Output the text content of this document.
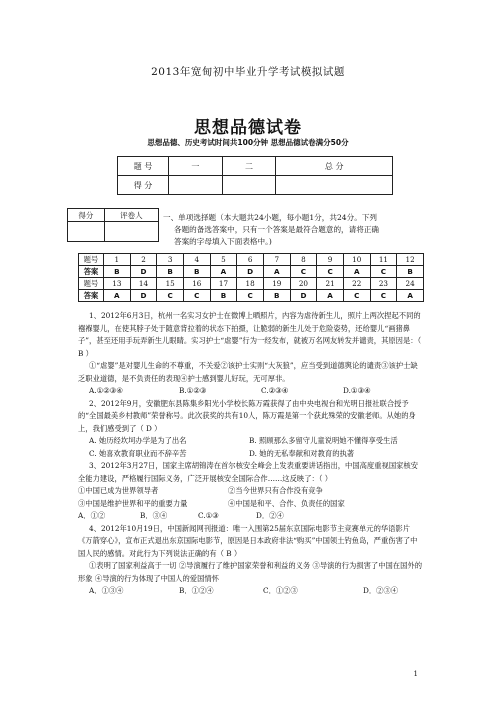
2013年宽甸初中毕业升学考试模拟试题
思想品德试卷
思想品德、历史考试时间共100分钟 思想品德试卷满分50分
题 号	一	二	总 分
得 分			
得分	评卷人
		一、单项选择题（本大题共24小题，每小题1分，共24分。下列
各题的备选答案中，只有一个答案是最符合题意的，请将正确
答案的字母填入下面表格中。)
题号	1	2	3	4	5	6	7	8	9	10	11	12
答案	B	D	B	B	A	D	A	C	C	A	C	B
题号	13	14	15	16	17	18	19	20	21	22	23	24
答案	A	D	C	C	B	C	B	D	A	C	C	A

1、2012年6月3日，杭州一名实习女护士在微博上晒照片，内容为虐待新生儿，照片上两次捏起不同的襁褓婴儿，在使其脖子处于随意背拉着的状态下拍摄，让脆弱的新生儿处于危险姿势，还给婴儿“画猪鼻子”，甚至还用手玩弄新生儿眼睛。实习护士“虐婴”行为一经发布，就被万名网友转发并谴责，其原因是：（ B ）

①“虐婴”是对婴儿生命的不尊重，不关爱②该护士实则“大灰狼”，应当受到道德舆论的谴责③该护士缺乏职业道德，是不负责任的表现④护士感到婴儿好玩，无可厚非。

A.①②③④	B.①②③	C.②③④	D.①③④

2、2012年9月，安徽肥东县陈集乡阳光小学校长陈万霞获得了由中央电视台和光明日报社联合授予的“全国最美乡村教师”荣誉称号。此次获奖的共有10人，陈万霞是第一个获此殊荣的安徽老师。从她的身上，我们感受到了（ D ）

A. 她历经坎坷办学是为了出名	B. 照顾那么多留守儿童说明她不懂得享受生活
C. 她喜欢教育职业而不辞辛苦	D. 她的无私奉献和对教育的执著

3、2012年3月27日，国家主席胡锦涛在首尔核安全峰会上发表重要讲话指出，中国高度重视国家核安全能力建设，严格履行国际义务，广泛开展核安全国际合作……这反映了：（ ）

①中国已成为世界领导者	②当今世界只有合作没有竞争
③中国是维护世界和平的重要力量	④中国是和平、合作、负责任的国家
A．①②	B．③④	C.①③	D．②④

4、2012年10月19日，中国新闻网刊报道：唯一入围第25届东京国际电影节主竞赛单元的华语影片《万箭穿心》，宣布正式退出东京国际电影节，原因是日本政府非法“购买”中国领土钓鱼岛，严重伤害了中国人民的感情。对此行为下列说法正确的有（ B ）

①表明了国家利益高于一切 ②导演履行了维护国家荣誉和利益的义务 ③导演的行为损害了中国在国外的形象 ④导演的行为体现了中国人的爱国情怀

A．①③④	B．①②④	C．①②③	D．②③④
1
